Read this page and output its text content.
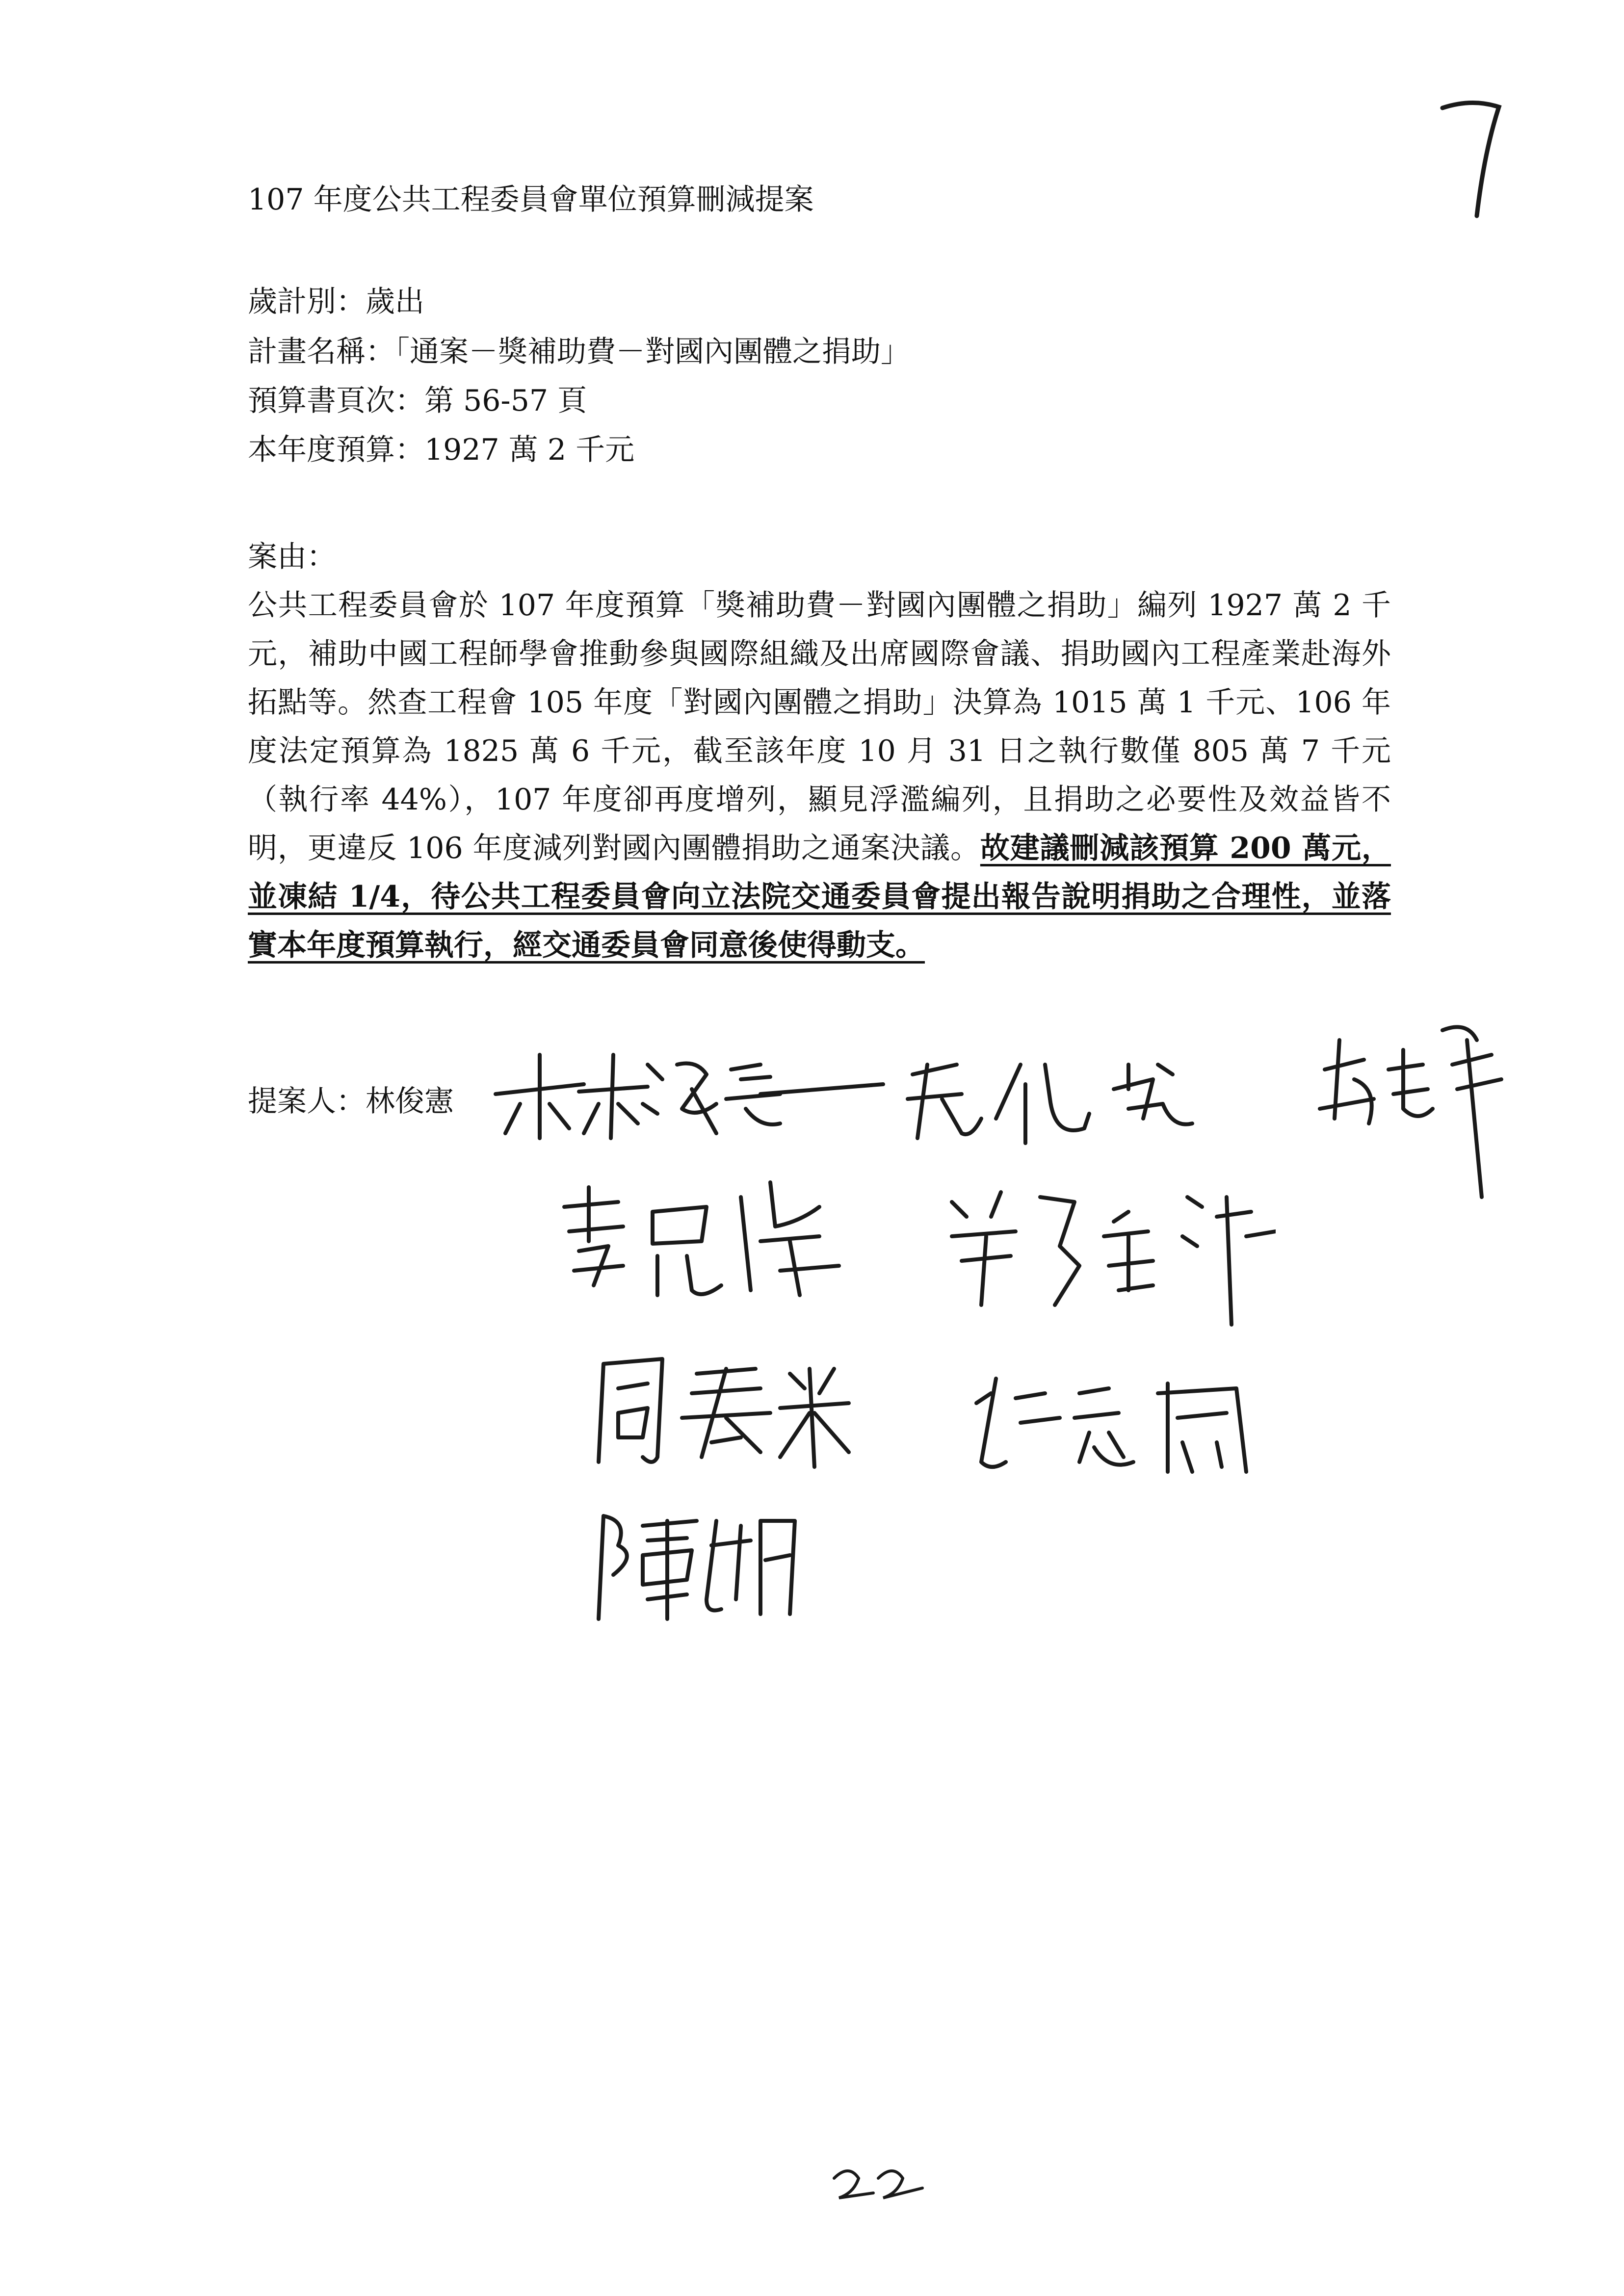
107 年度公共工程委員會單位預算刪減提案
歲計別：歲出
計畫名稱：「通案－獎補助費－對國內團體之捐助」
預算書頁次：第 56-57 頁
本年度預算：1927 萬 2 千元
案由：
公共工程委員會於 107 年度預算「獎補助費－對國內團體之捐助」編列 1927 萬 2 千元，補助中國工程師學會推動參與國際組織及出席國際會議、捐助國內工程產業赴海外拓點等。然查工程會 105 年度「對國內團體之捐助」決算為 1015 萬 1 千元、106 年度法定預算為 1825 萬 6 千元，截至該年度 10 月 31 日之執行數僅 805 萬 7 千元（執行率 44%），107 年度卻再度增列，顯見浮濫編列，且捐助之必要性及效益皆不明，更違反 106 年度減列對國內團體捐助之通案決議。故建議刪減該預算 200 萬元，並凍結 1/4，待公共工程委員會向立法院交通委員會提出報告說明捐助之合理性，並落實本年度預算執行，經交通委員會同意後使得動支。
提案人：林俊憲
